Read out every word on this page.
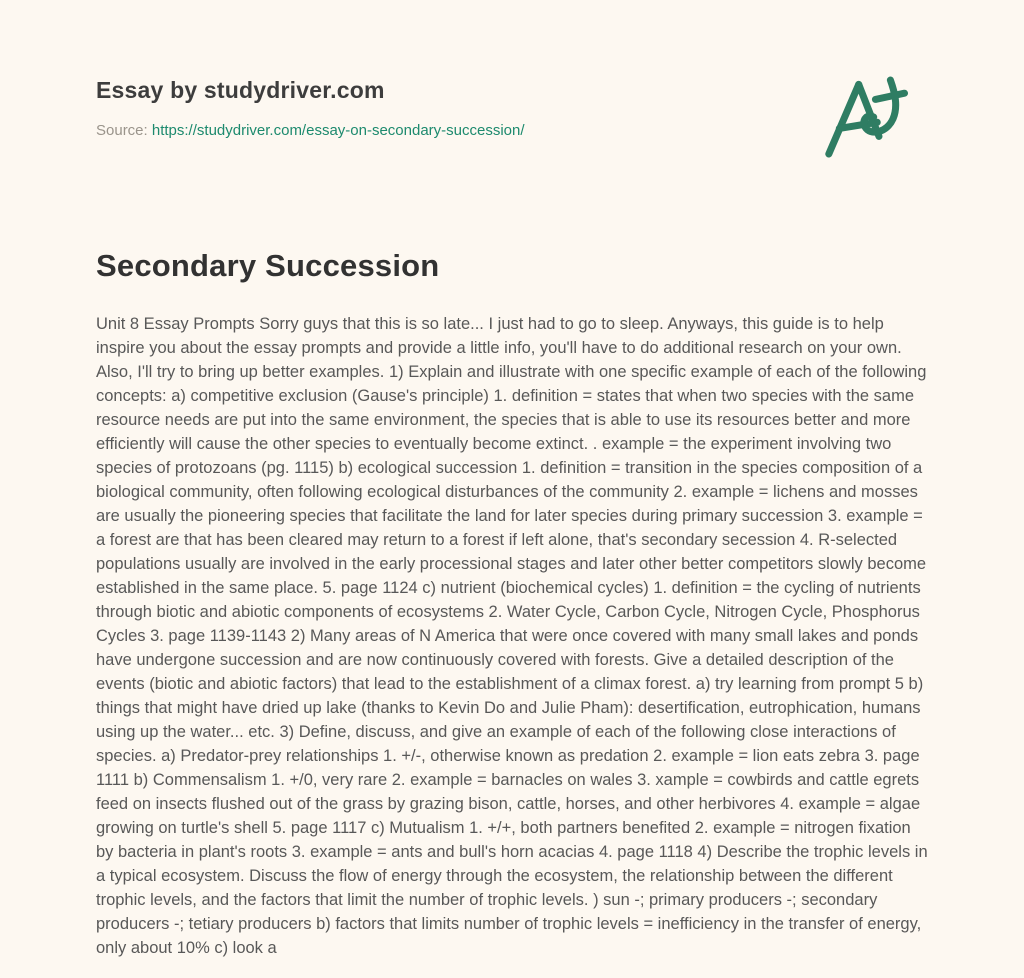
Essay by studydriver.com
Source: https://studydriver.com/essay-on-secondary-succession/
Secondary Succession

Unit 8 Essay Prompts Sorry guys that this is so late... I just had to go to sleep. Anyways, this guide is to help inspire you about the essay prompts and provide a little info, you'll have to do additional research on your own. Also, I'll try to bring up better examples. 1) Explain and illustrate with one specific example of each of the following concepts: a) competitive exclusion (Gause's principle) 1. definition = states that when two species with the same resource needs are put into the same environment, the species that is able to use its resources better and more efficiently will cause the other species to eventually become extinct. . example = the experiment involving two species of protozoans (pg. 1115) b) ecological succession 1. definition = transition in the species composition of a biological community, often following ecological disturbances of the community 2. example = lichens and mosses are usually the pioneering species that facilitate the land for later species during primary succession 3. example = a forest are that has been cleared may return to a forest if left alone, that's secondary secession 4. R-selected populations usually are involved in the early processional stages and later other better competitors slowly become established in the same place. 5. page 1124 c) nutrient (biochemical cycles) 1. definition = the cycling of nutrients through biotic and abiotic components of ecosystems 2. Water Cycle, Carbon Cycle, Nitrogen Cycle, Phosphorus Cycles 3. page 1139-1143 2) Many areas of N America that were once covered with many small lakes and ponds have undergone succession and are now continuously covered with forests. Give a detailed description of the events (biotic and abiotic factors) that lead to the establishment of a climax forest. a) try learning from prompt 5 b) things that might have dried up lake (thanks to Kevin Do and Julie Pham): desertification, eutrophication, humans using up the water... etc. 3) Define, discuss, and give an example of each of the following close interactions of species. a) Predator-prey relationships 1. +/-, otherwise known as predation 2. example = lion eats zebra 3. page 1111 b) Commensalism 1. +/0, very rare 2. example = barnacles on wales 3. xample = cowbirds and cattle egrets feed on insects flushed out of the grass by grazing bison, cattle, horses, and other herbivores 4. example = algae growing on turtle's shell 5. page 1117 c) Mutualism 1. +/+, both partners benefited 2. example = nitrogen fixation by bacteria in plant's roots 3. example = ants and bull's horn acacias 4. page 1118 4) Describe the trophic levels in a typical ecosystem. Discuss the flow of energy through the ecosystem, the relationship between the different trophic levels, and the factors that limit the number of trophic levels. ) sun -; primary producers -; secondary producers -; tetiary producers b) factors that limits number of trophic levels = inefficiency in the transfer of energy, only about 10% c) look a
